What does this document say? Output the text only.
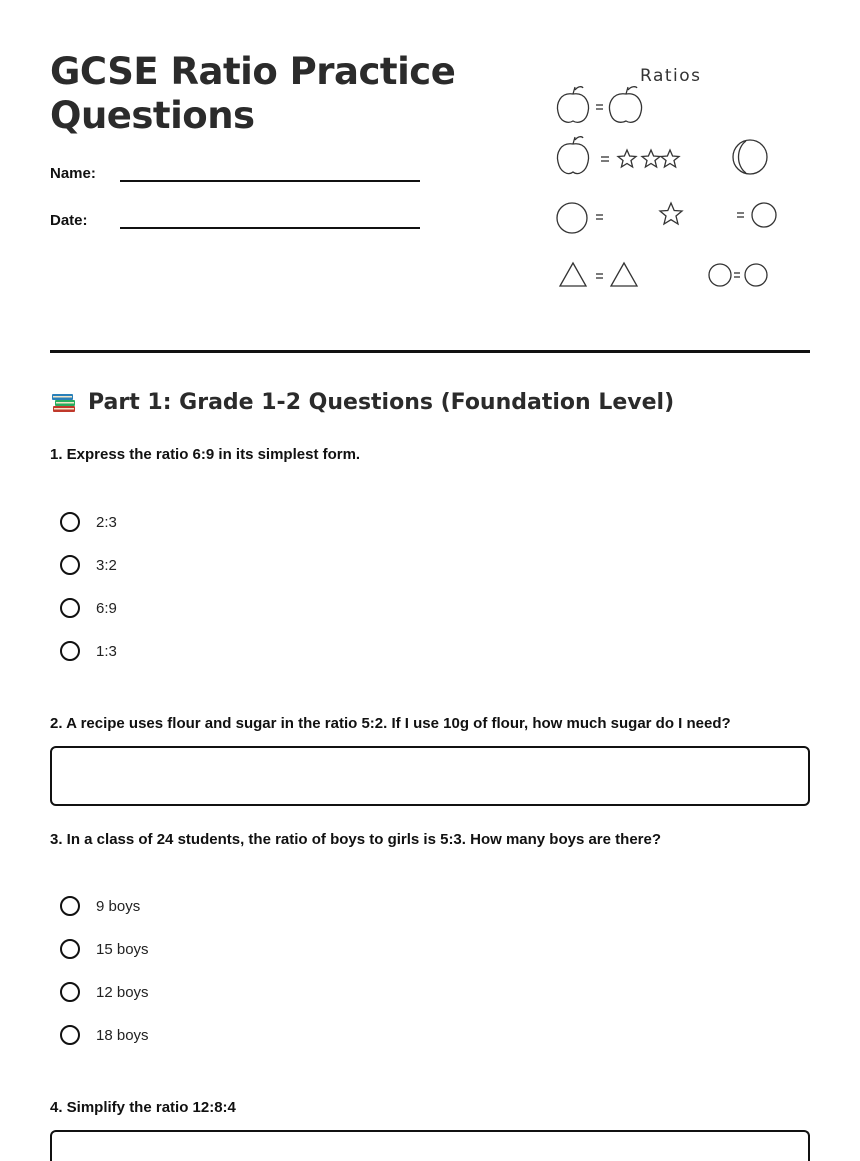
GCSE Ratio Practice Questions
Name:
Date:
Ratios
Part 1: Grade 1-2 Questions (Foundation Level)

1. Express the ratio 6:9 in its simplest form.

2:3
3:2
6:9
1:3

2. A recipe uses flour and sugar in the ratio 5:2. If I use 10g of flour, how much sugar do I need?

3. In a class of 24 students, the ratio of boys to girls is 5:3. How many boys are there?

9 boys
15 boys
12 boys
18 boys

4. Simplify the ratio 12:8:4
